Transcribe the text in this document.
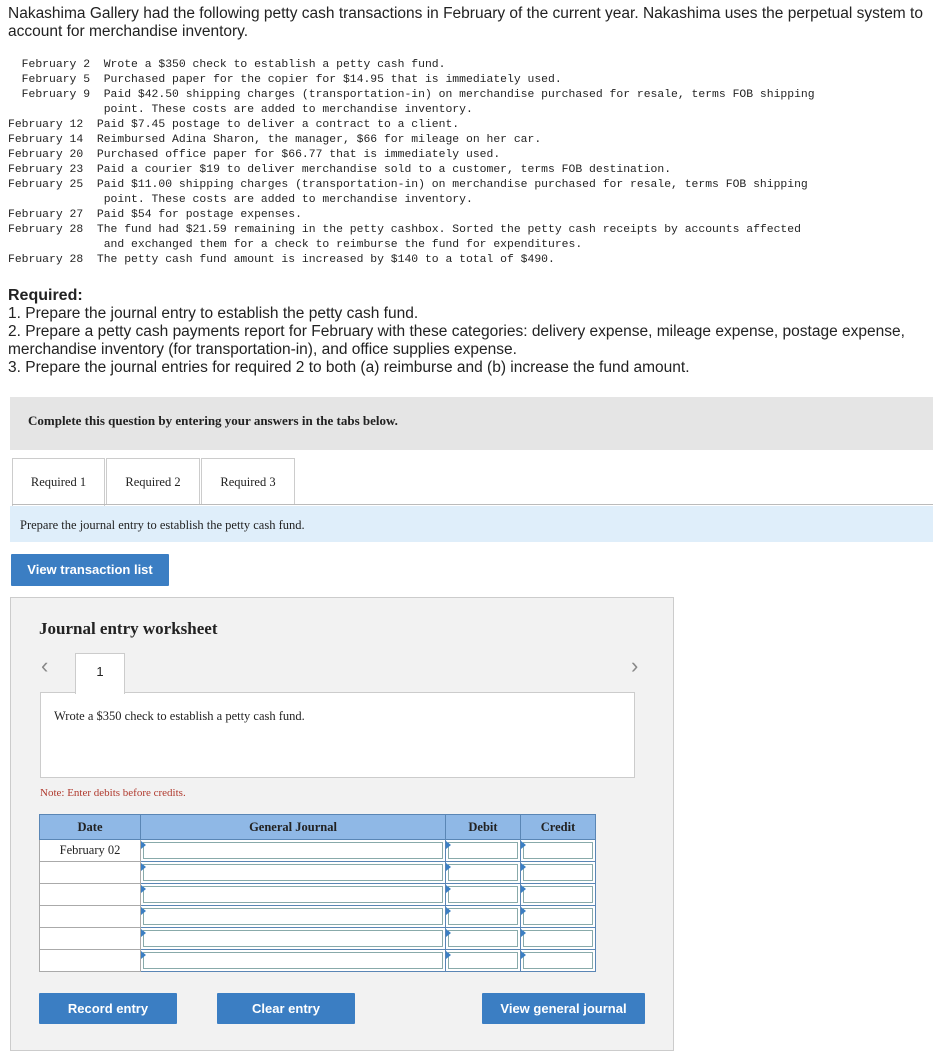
Nakashima Gallery had the following petty cash transactions in February of the current year. Nakashima uses the perpetual system to account for merchandise inventory.
February 2  Wrote a $350 check to establish a petty cash fund.
February 5  Purchased paper for the copier for $14.95 that is immediately used.
February 9  Paid $42.50 shipping charges (transportation-in) on merchandise purchased for resale, terms FOB shipping
point. These costs are added to merchandise inventory.
February 12  Paid $7.45 postage to deliver a contract to a client.
February 14  Reimbursed Adina Sharon, the manager, $66 for mileage on her car.
February 20  Purchased office paper for $66.77 that is immediately used.
February 23  Paid a courier $19 to deliver merchandise sold to a customer, terms FOB destination.
February 25  Paid $11.00 shipping charges (transportation-in) on merchandise purchased for resale, terms FOB shipping
point. These costs are added to merchandise inventory.
February 27  Paid $54 for postage expenses.
February 28  The fund had $21.59 remaining in the petty cashbox. Sorted the petty cash receipts by accounts affected
and exchanged them for a check to reimburse the fund for expenditures.
February 28  The petty cash fund amount is increased by $140 to a total of $490.
Required:
1. Prepare the journal entry to establish the petty cash fund.
2. Prepare a petty cash payments report for February with these categories: delivery expense, mileage expense, postage expense, merchandise inventory (for transportation-in), and office supplies expense.
3. Prepare the journal entries for required 2 to both (a) reimburse and (b) increase the fund amount.
Complete this question by entering your answers in the tabs below.
Required 1	Required 2	Required 3
Prepare the journal entry to establish the petty cash fund.
View transaction list
Journal entry worksheet
‹	›
1
Wrote a $350 check to establish a petty cash fund.
Note: Enter debits before credits.
Date	General Journal	Debit	Credit
February 02	

Record entry	Clear entry	View general journal
